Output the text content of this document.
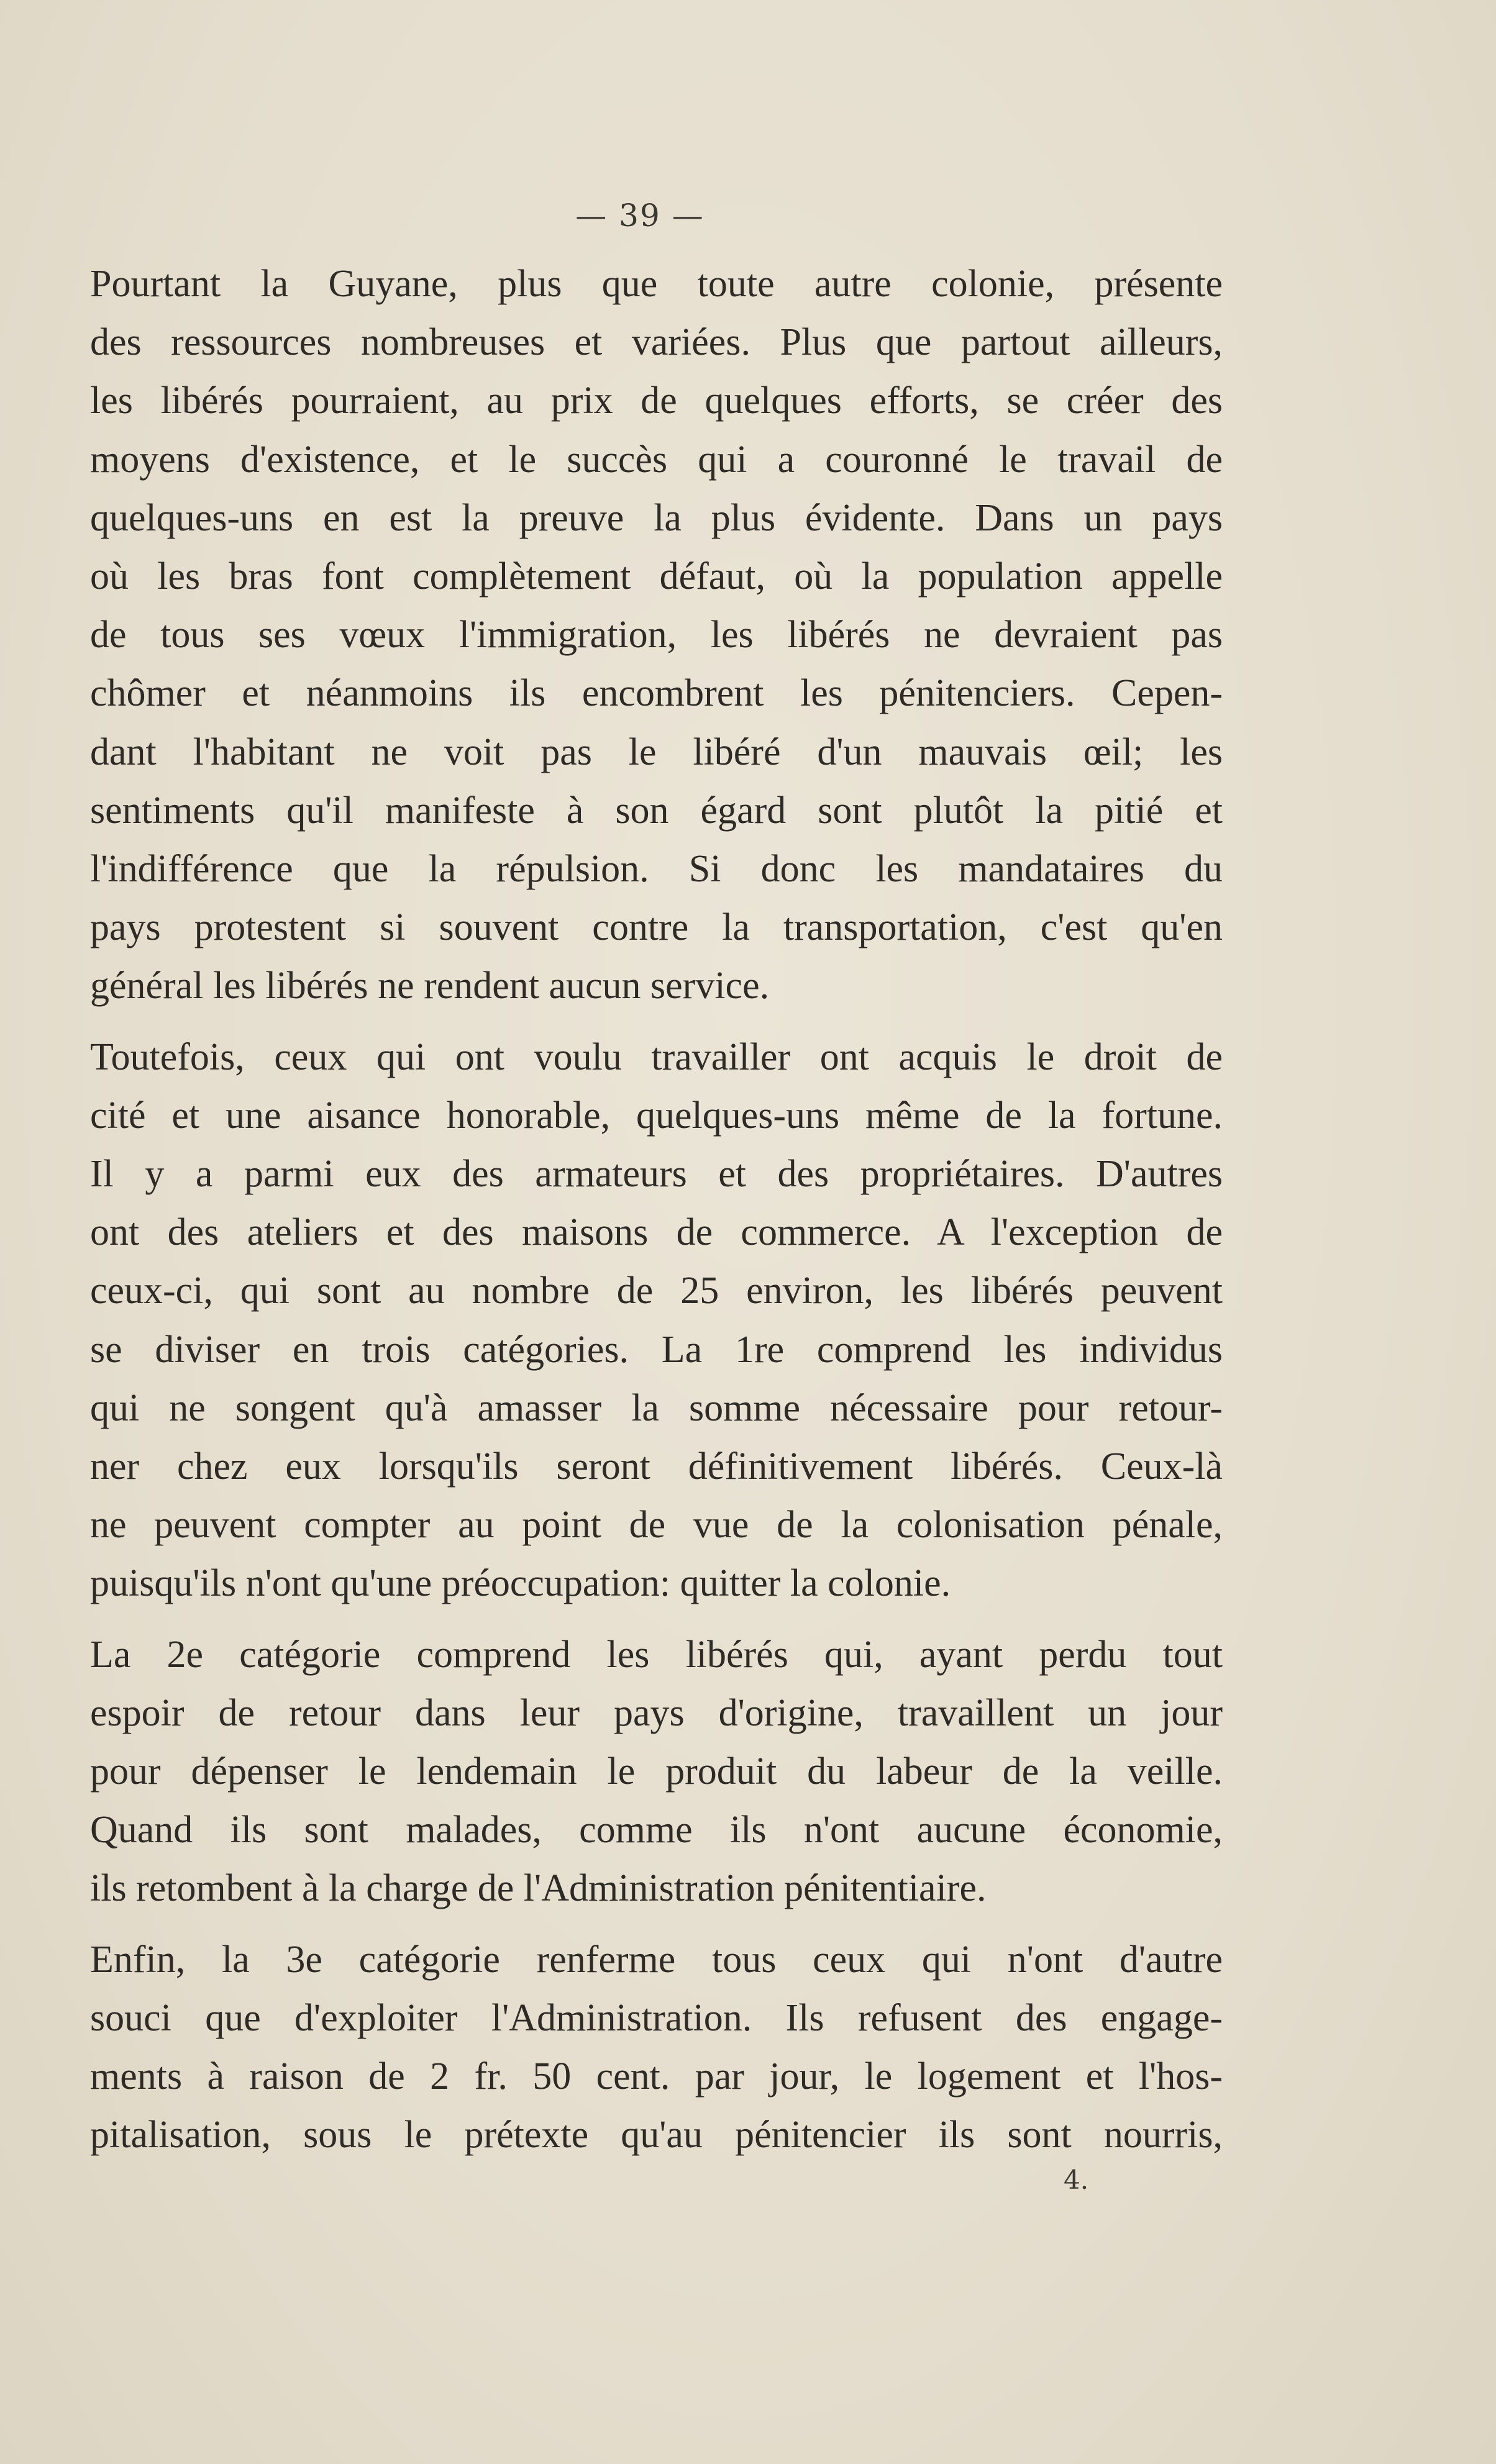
— 39 —
Pourtant la Guyane, plus que toute autre colonie, présente
des ressources nombreuses et variées. Plus que partout ailleurs,
les libérés pourraient, au prix de quelques efforts, se créer des
moyens d'existence, et le succès qui a couronné le travail de
quelques-uns en est la preuve la plus évidente. Dans un pays
où les bras font complètement défaut, où la population appelle
de tous ses vœux l'immigration, les libérés ne devraient pas
chômer et néanmoins ils encombrent les pénitenciers. Cepen-
dant l'habitant ne voit pas le libéré d'un mauvais œil; les
sentiments qu'il manifeste à son égard sont plutôt la pitié et
l'indifférence que la répulsion. Si donc les mandataires du
pays protestent si souvent contre la transportation, c'est qu'en
général les libérés ne rendent aucun service.
Toutefois, ceux qui ont voulu travailler ont acquis le droit de
cité et une aisance honorable, quelques-uns même de la fortune.
Il y a parmi eux des armateurs et des propriétaires. D'autres
ont des ateliers et des maisons de commerce. A l'exception de
ceux-ci, qui sont au nombre de 25 environ, les libérés peuvent
se diviser en trois catégories. La 1re comprend les individus
qui ne songent qu'à amasser la somme nécessaire pour retour-
ner chez eux lorsqu'ils seront définitivement libérés. Ceux-là
ne peuvent compter au point de vue de la colonisation pénale,
puisqu'ils n'ont qu'une préoccupation: quitter la colonie.
La 2e catégorie comprend les libérés qui, ayant perdu tout
espoir de retour dans leur pays d'origine, travaillent un jour
pour dépenser le lendemain le produit du labeur de la veille.
Quand ils sont malades, comme ils n'ont aucune économie,
ils retombent à la charge de l'Administration pénitentiaire.
Enfin, la 3e catégorie renferme tous ceux qui n'ont d'autre
souci que d'exploiter l'Administration. Ils refusent des engage-
ments à raison de 2 fr. 50 cent. par jour, le logement et l'hos-
pitalisation, sous le prétexte qu'au pénitencier ils sont nourris,
4.
